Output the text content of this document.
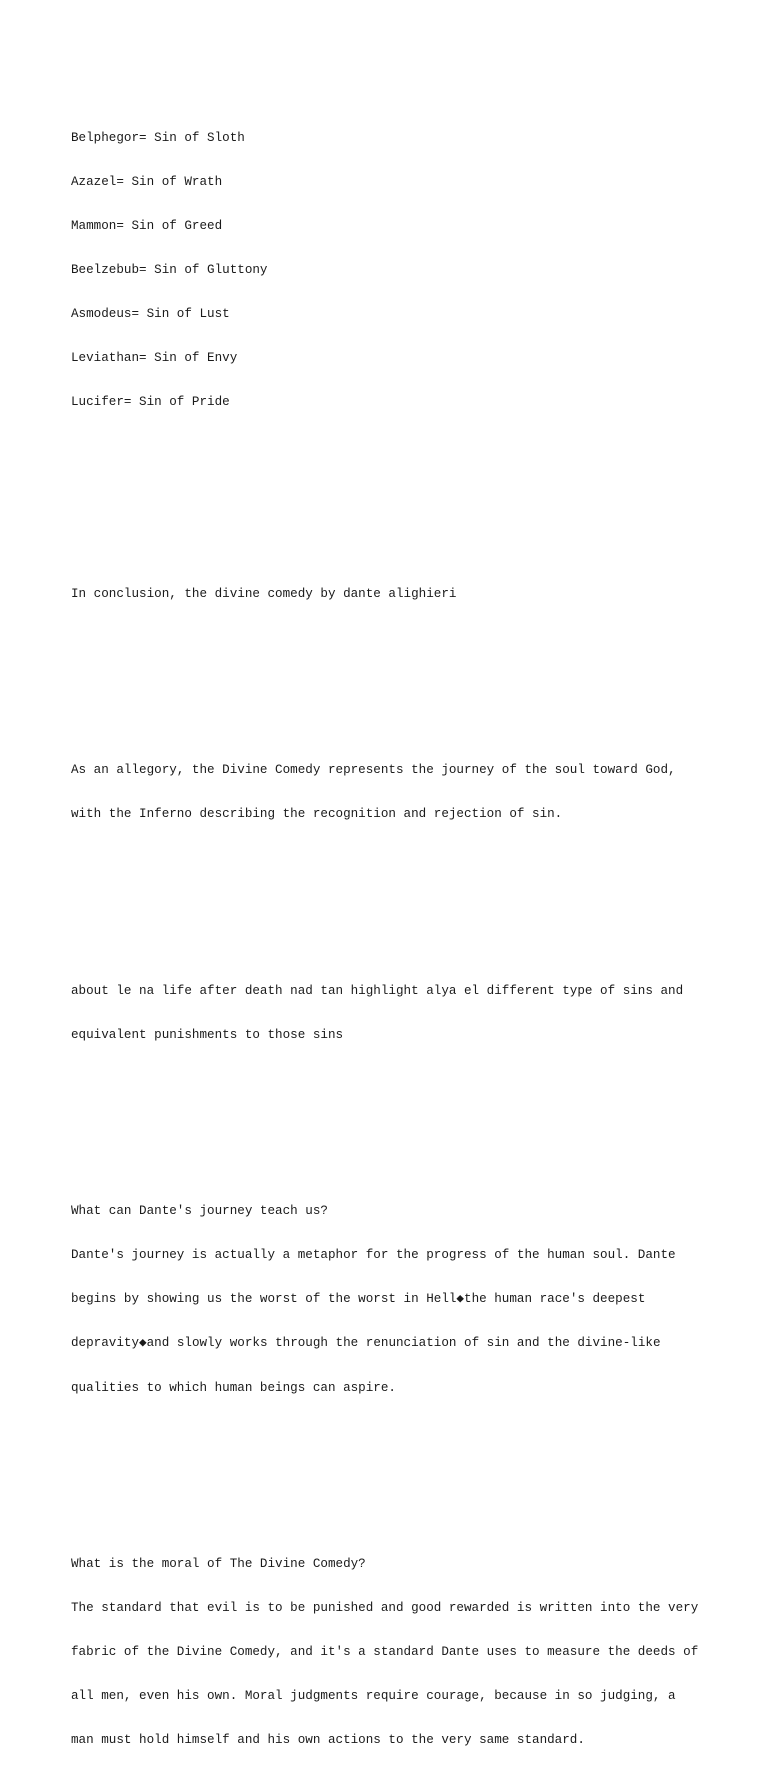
Belphegor= Sin of Sloth

Azazel= Sin of Wrath

Mammon= Sin of Greed

Beelzebub= Sin of Gluttony

Asmodeus= Sin of Lust

Leviathan= Sin of Envy

Lucifer= Sin of Pride

In conclusion, the divine comedy by dante alighieri

As an allegory, the Divine Comedy represents the journey of the soul toward God,

with the Inferno describing the recognition and rejection of sin.

about le na life after death nad tan highlight alya el different type of sins and

equivalent punishments to those sins

What can Dante's journey teach us?

Dante's journey is actually a metaphor for the progress of the human soul. Dante

begins by showing us the worst of the worst in Hell◆the human race's deepest

depravity◆and slowly works through the renunciation of sin and the divine-like

qualities to which human beings can aspire.

What is the moral of The Divine Comedy?

The standard that evil is to be punished and good rewarded is written into the very

fabric of the Divine Comedy, and it's a standard Dante uses to measure the deeds of

all men, even his own. Moral judgments require courage, because in so judging, a

man must hold himself and his own actions to the very same standard.
